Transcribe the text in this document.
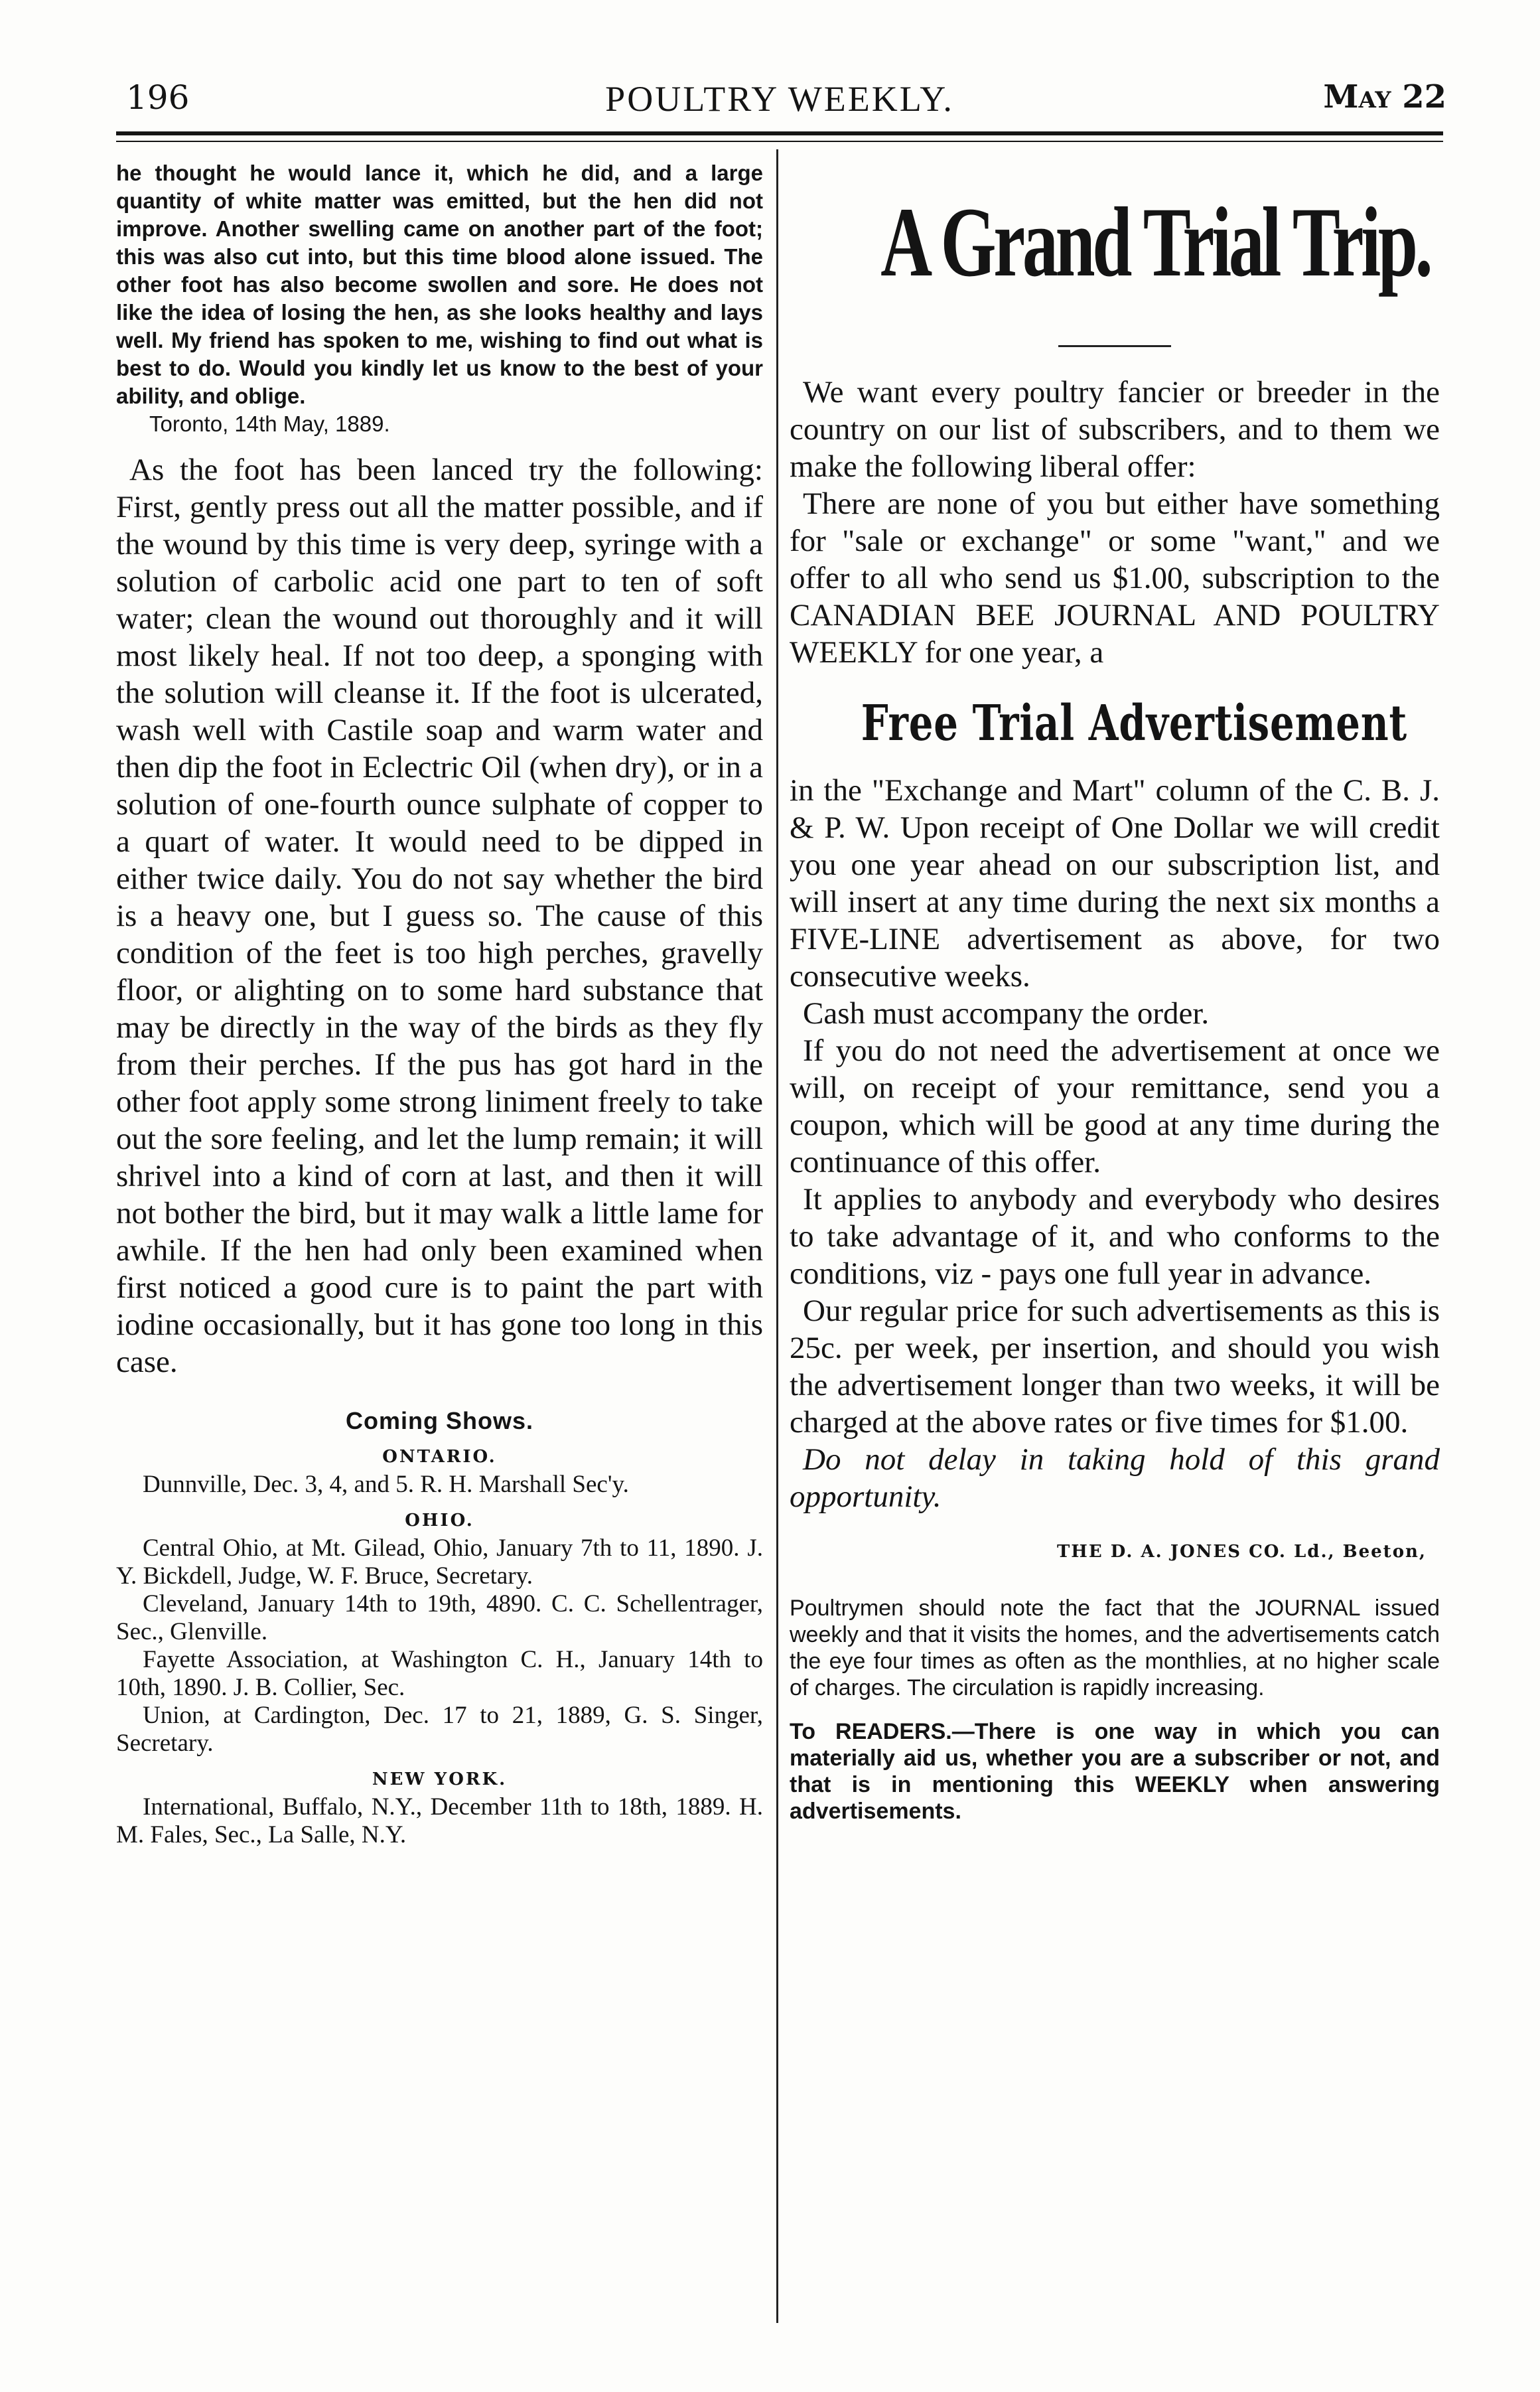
196	POULTRY WEEKLY.	May 22

he thought he would lance it, which he did, and a large quantity of white matter was emitted, but the hen did not improve. Another swelling came on another part of the foot; this was also cut into, but this time blood alone issued. The other foot has also become swollen and sore. He does not like the idea of losing the hen, as she looks healthy and lays well. My friend has spoken to me, wishing to find out what is best to do. Would you kindly let us know to the best of your ability, and oblige.

Toronto, 14th May, 1889.

As the foot has been lanced try the following: First, gently press out all the matter possible, and if the wound by this time is very deep, syringe with a solution of carbolic acid one part to ten of soft water; clean the wound out thoroughly and it will most likely heal. If not too deep, a sponging with the solution will cleanse it. If the foot is ulcerated, wash well with Castile soap and warm water and then dip the foot in Eclectric Oil (when dry), or in a solution of one-fourth ounce sulphate of copper to a quart of water. It would need to be dipped in either twice daily. You do not say whether the bird is a heavy one, but I guess so. The cause of this condition of the feet is too high perches, gravelly floor, or alighting on to some hard substance that may be directly in the way of the birds as they fly from their perches. If the pus has got hard in the other foot apply some strong liniment freely to take out the sore feeling, and let the lump remain; it will shrivel into a kind of corn at last, and then it will not bother the bird, but it may walk a little lame for awhile. If the hen had only been examined when first noticed a good cure is to paint the part with iodine occasionally, but it has gone too long in this case.

Coming Shows.
ONTARIO.

Dunnville, Dec. 3, 4, and 5. R. H. Marshall Sec'y.

OHIO.

Central Ohio, at Mt. Gilead, Ohio, January 7th to 11, 1890. J. Y. Bickdell, Judge, W. F. Bruce, Secretary.

Cleveland, January 14th to 19th, 4890. C. C. Schellentrager, Sec., Glenville.

Fayette Association, at Washington C. H., January 14th to 10th, 1890. J. B. Collier, Sec.

Union, at Cardington, Dec. 17 to 21, 1889, G. S. Singer, Secretary.

NEW YORK.

International, Buffalo, N.Y., December 11th to 18th, 1889. H. M. Fales, Sec., La Salle, N.Y.

A Grand Trial Trip.

We want every poultry fancier or breeder in the country on our list of subscribers, and to them we make the following liberal offer:

There are none of you but either have something for "sale or exchange" or some "want," and we offer to all who send us $1.00, subscription to the CANADIAN BEE JOURNAL AND POULTRY WEEKLY for one year, a

Free Trial Advertisement

in the "Exchange and Mart" column of the C. B. J. & P. W. Upon receipt of One Dollar we will credit you one year ahead on our subscription list, and will insert at any time during the next six months a FIVE-LINE advertisement as above, for two consecutive weeks.

Cash must accompany the order.

If you do not need the advertisement at once we will, on receipt of your remittance, send you a coupon, which will be good at any time during the continuance of this offer.

It applies to anybody and everybody who desires to take advantage of it, and who conforms to the conditions, viz - pays one full year in advance.

Our regular price for such advertisements as this is 25c. per week, per insertion, and should you wish the advertisement longer than two weeks, it will be charged at the above rates or five times for $1.00.

Do not delay in taking hold of this grand opportunity.

THE D. A. JONES CO. Ld., Beeton,

Poultrymen should note the fact that the JOURNAL issued weekly and that it visits the homes, and the advertisements catch the eye four times as often as the monthlies, at no higher scale of charges. The circulation is rapidly increasing.

To READERS.—There is one way in which you can materially aid us, whether you are a subscriber or not, and that is in mentioning this WEEKLY when answering advertisements.
